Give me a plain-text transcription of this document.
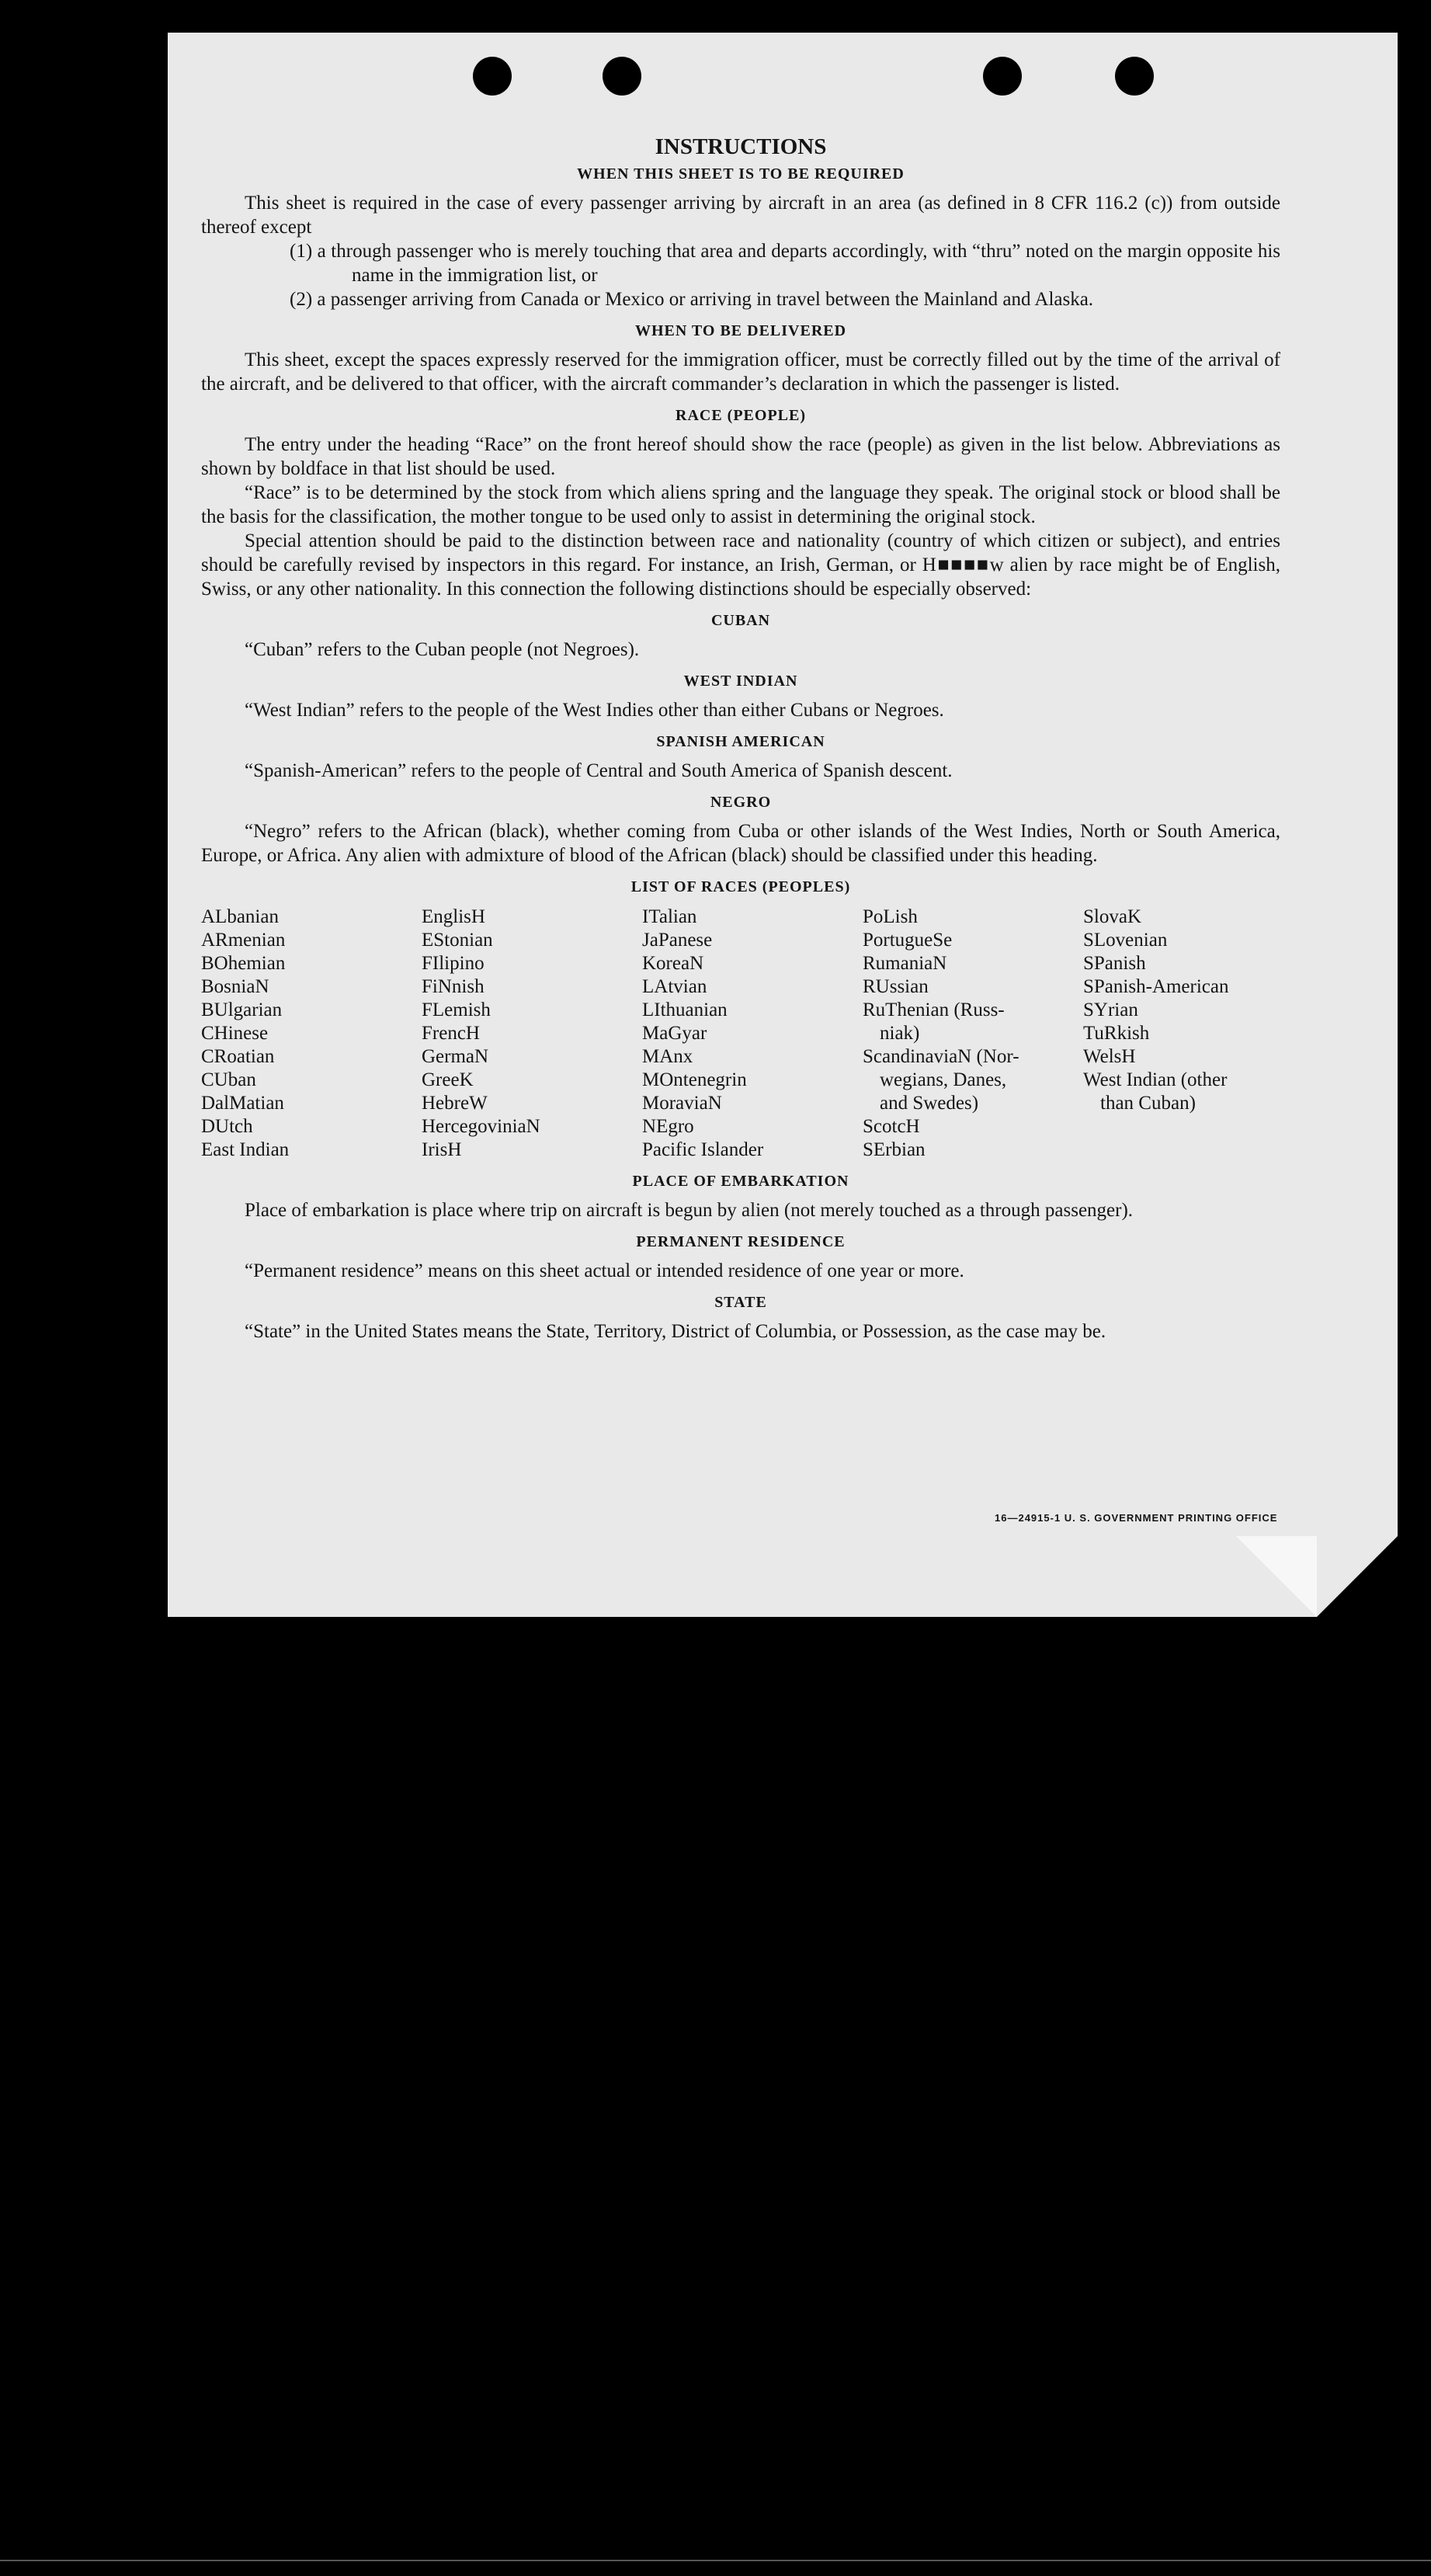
INSTRUCTIONS
WHEN THIS SHEET IS TO BE REQUIRED

This sheet is required in the case of every passenger arriving by aircraft in an area (as defined in 8 CFR 116.2 (c)) from outside thereof except

(1) a through passenger who is merely touching that area and departs accordingly, with “thru” noted on the margin opposite his name in the immigration list, or

(2) a passenger arriving from Canada or Mexico or arriving in travel between the Mainland and Alaska.

WHEN TO BE DELIVERED

This sheet, except the spaces expressly reserved for the immigration officer, must be correctly filled out by the time of the arrival of the aircraft, and be delivered to that officer, with the aircraft commander’s declaration in which the passenger is listed.

RACE (PEOPLE)

The entry under the heading “Race” on the front hereof should show the race (people) as given in the list below. Abbreviations as shown by boldface in that list should be used.

“Race” is to be determined by the stock from which aliens spring and the language they speak. The original stock or blood shall be the basis for the classification, the mother tongue to be used only to assist in determining the original stock.

Special attention should be paid to the distinction between race and nationality (country of which citizen or subject), and entries should be carefully revised by inspectors in this regard. For instance, an Irish, German, or H■■■■w alien by race might be of English, Swiss, or any other nationality. In this connection the following distinctions should be especially observed:

CUBAN

“Cuban” refers to the Cuban people (not Negroes).

WEST INDIAN

“West Indian” refers to the people of the West Indies other than either Cubans or Negroes.

SPANISH AMERICAN

“Spanish-American” refers to the people of Central and South America of Spanish descent.

NEGRO

“Negro” refers to the African (black), whether coming from Cuba or other islands of the West Indies, North or South America, Europe, or Africa. Any alien with admixture of blood of the African (black) should be classified under this heading.

LIST OF RACES (PEOPLES)
ALbanian
ARmenian
BOhemian
BosniaN
BUlgarian
CHinese
CRoatian
CUban
DalMatian
DUtch
East Indian
EnglisH
EStonian
FIlipino
FiNnish
FLemish
FrencH
GermaN
GreeK
HebreW
HercegoviniaN
IrisH
ITalian
JaPanese
KoreaN
LAtvian
LIthuanian
MaGyar
MAnx
MOntenegrin
MoraviaN
NEgro
Pacific Islander
PoLish
PortugueSe
RumaniaN
RUssian
RuThenian (Russ-
niak)
ScandinaviaN (Nor-
wegians, Danes,
and Swedes)
ScotcH
SErbian
SlovaK
SLovenian
SPanish
SPanish-American
SYrian
TuRkish
WelsH
West Indian (other
than Cuban)
PLACE OF EMBARKATION

Place of embarkation is place where trip on aircraft is begun by alien (not merely touched as a through passenger).

PERMANENT RESIDENCE

“Permanent residence” means on this sheet actual or intended residence of one year or more.

STATE

“State” in the United States means the State, Territory, District of Columbia, or Possession, as the case may be.

16—24915-1 U. S. GOVERNMENT PRINTING OFFICE
